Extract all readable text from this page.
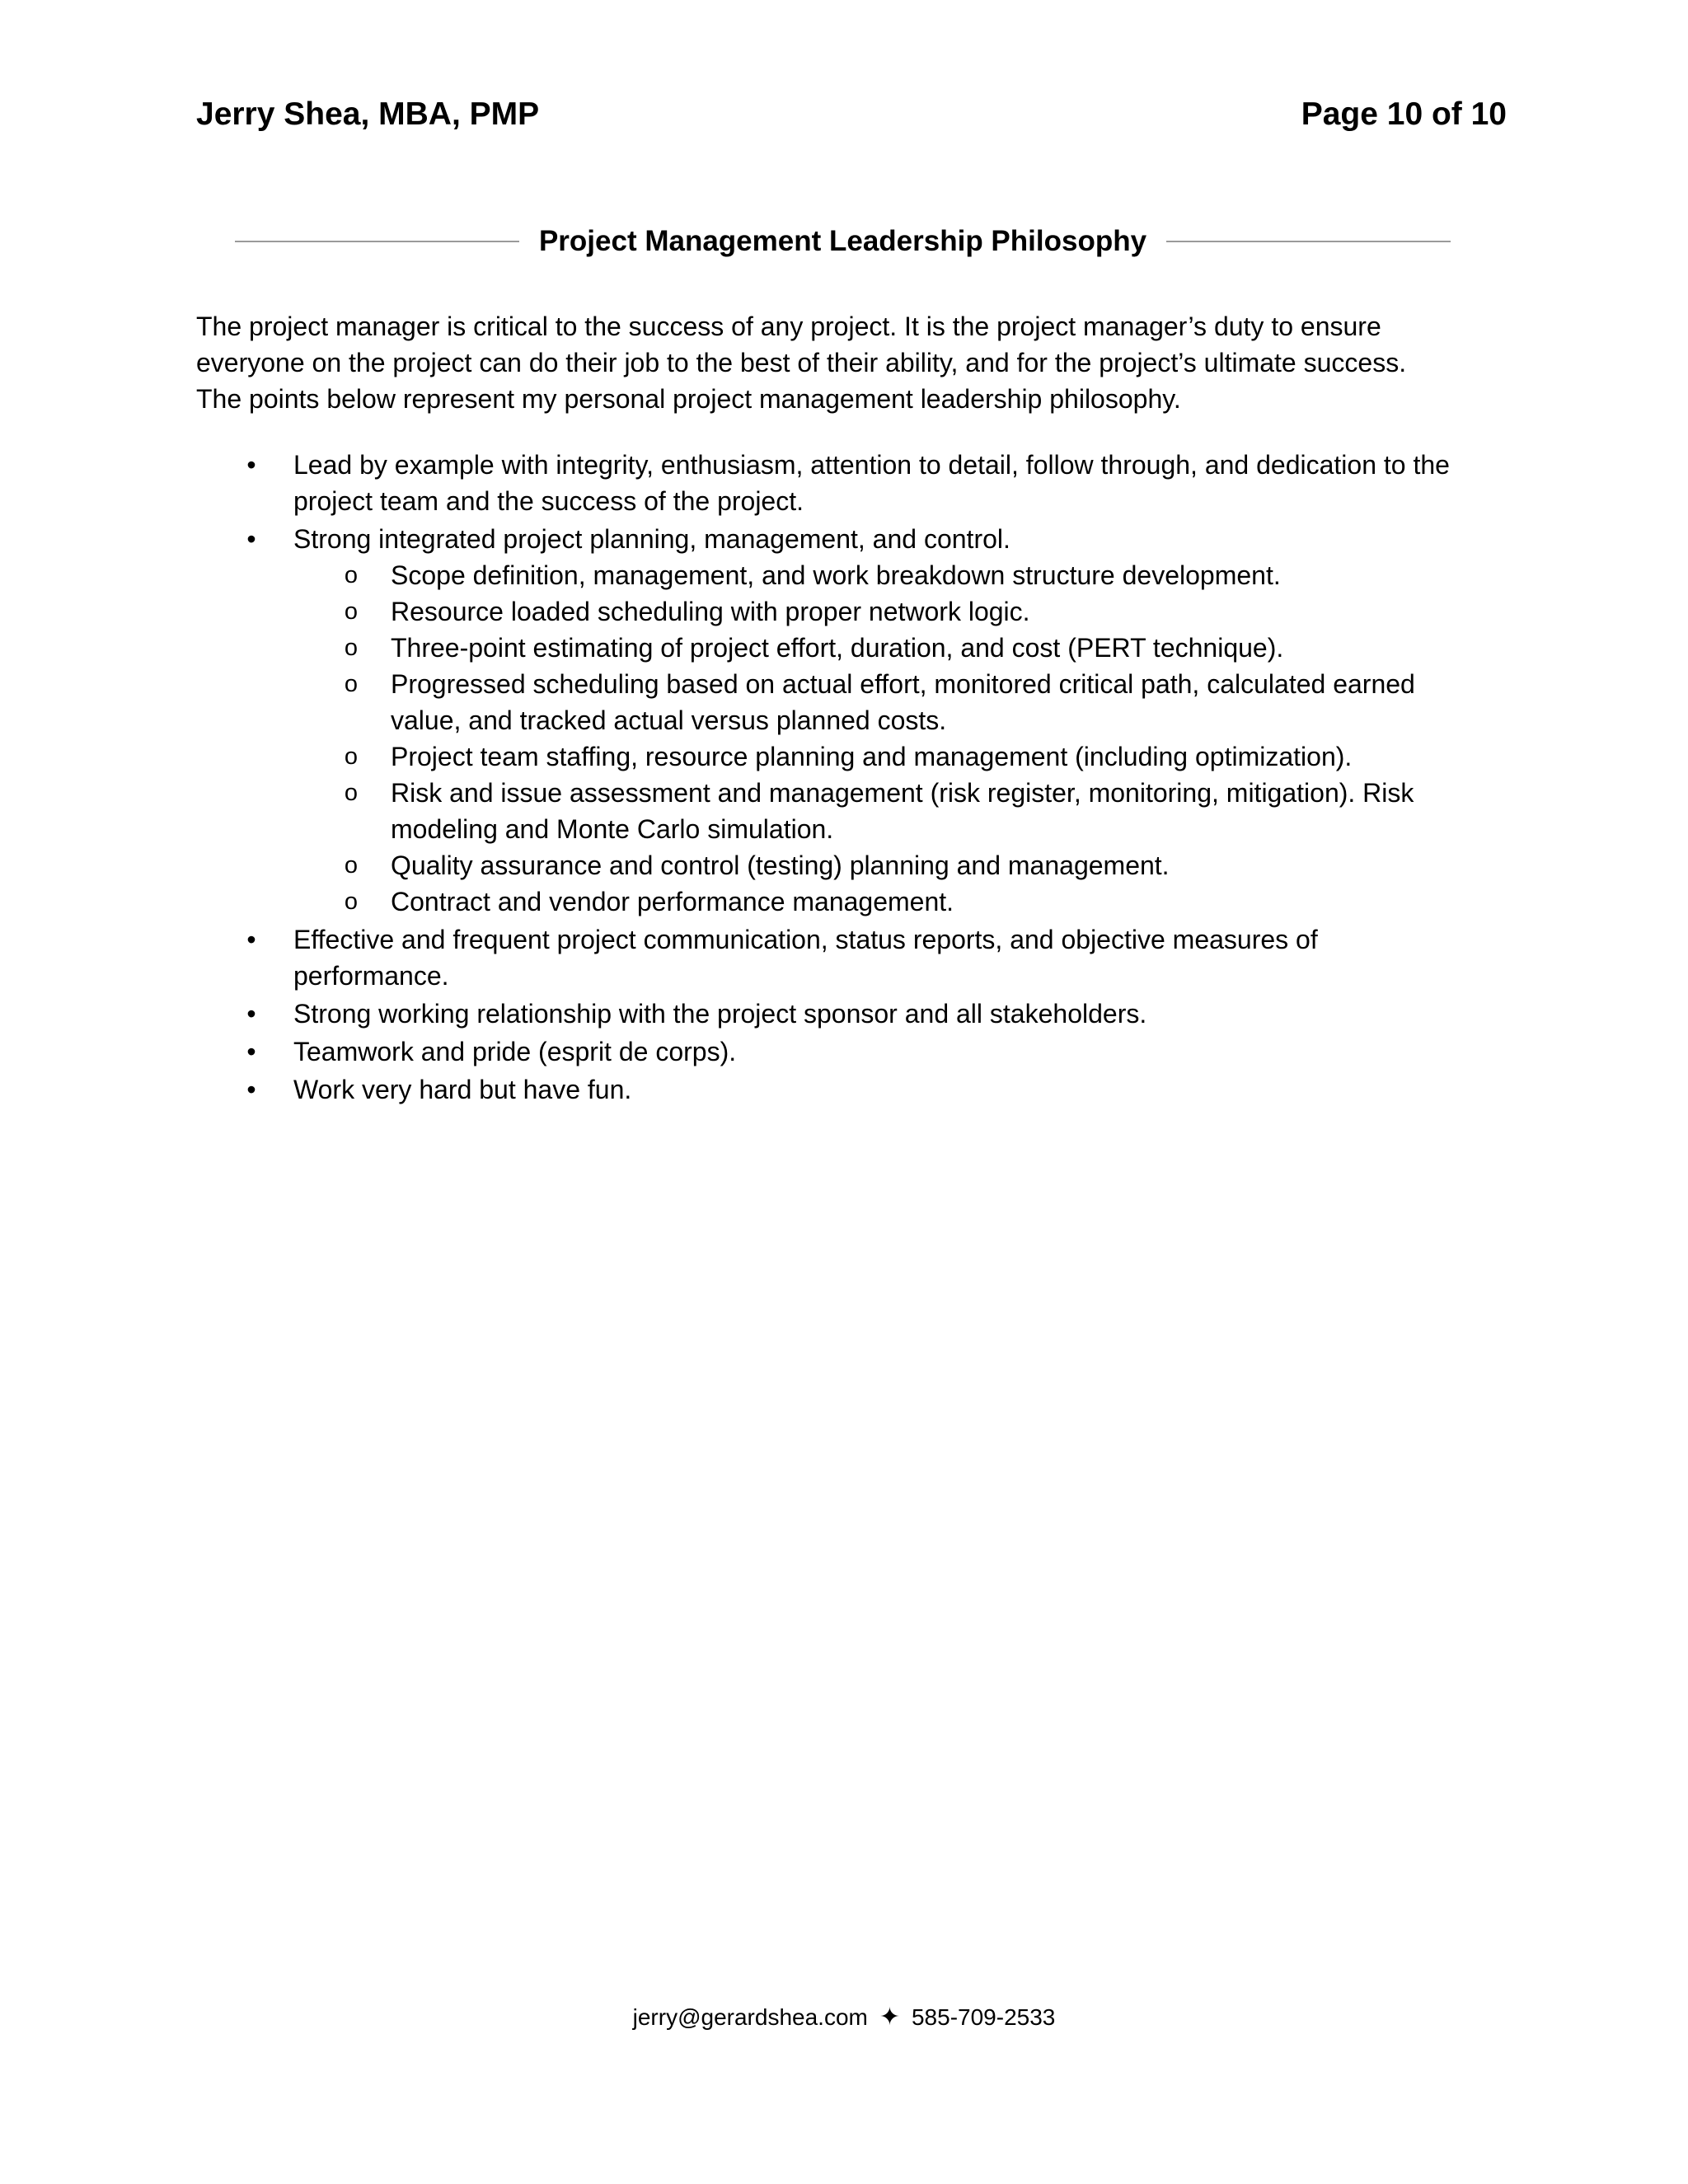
Jerry Shea, MBA, PMP	Page 10 of 10
Project Management Leadership Philosophy

The project manager is critical to the success of any project. It is the project manager’s duty to ensure
everyone on the project can do their job to the best of their ability, and for the project’s ultimate success.
The points below represent my personal project management leadership philosophy.

• Lead by example with integrity, enthusiasm, attention to detail, follow through, and dedication to the
project team and the success of the project.
• Strong integrated project planning, management, and control.
o Scope definition, management, and work breakdown structure development.
o Resource loaded scheduling with proper network logic.
o Three-point estimating of project effort, duration, and cost (PERT technique).
o Progressed scheduling based on actual effort, monitored critical path, calculated earned
value, and tracked actual versus planned costs.
o Project team staffing, resource planning and management (including optimization).
o Risk and issue assessment and management (risk register, monitoring, mitigation). Risk
modeling and Monte Carlo simulation.
o Quality assurance and control (testing) planning and management.
o Contract and vendor performance management.
• Effective and frequent project communication, status reports, and objective measures of
performance.
• Strong working relationship with the project sponsor and all stakeholders.
• Teamwork and pride (esprit de corps).
• Work very hard but have fun.
jerry@gerardshea.com ✦ 585-709-2533
